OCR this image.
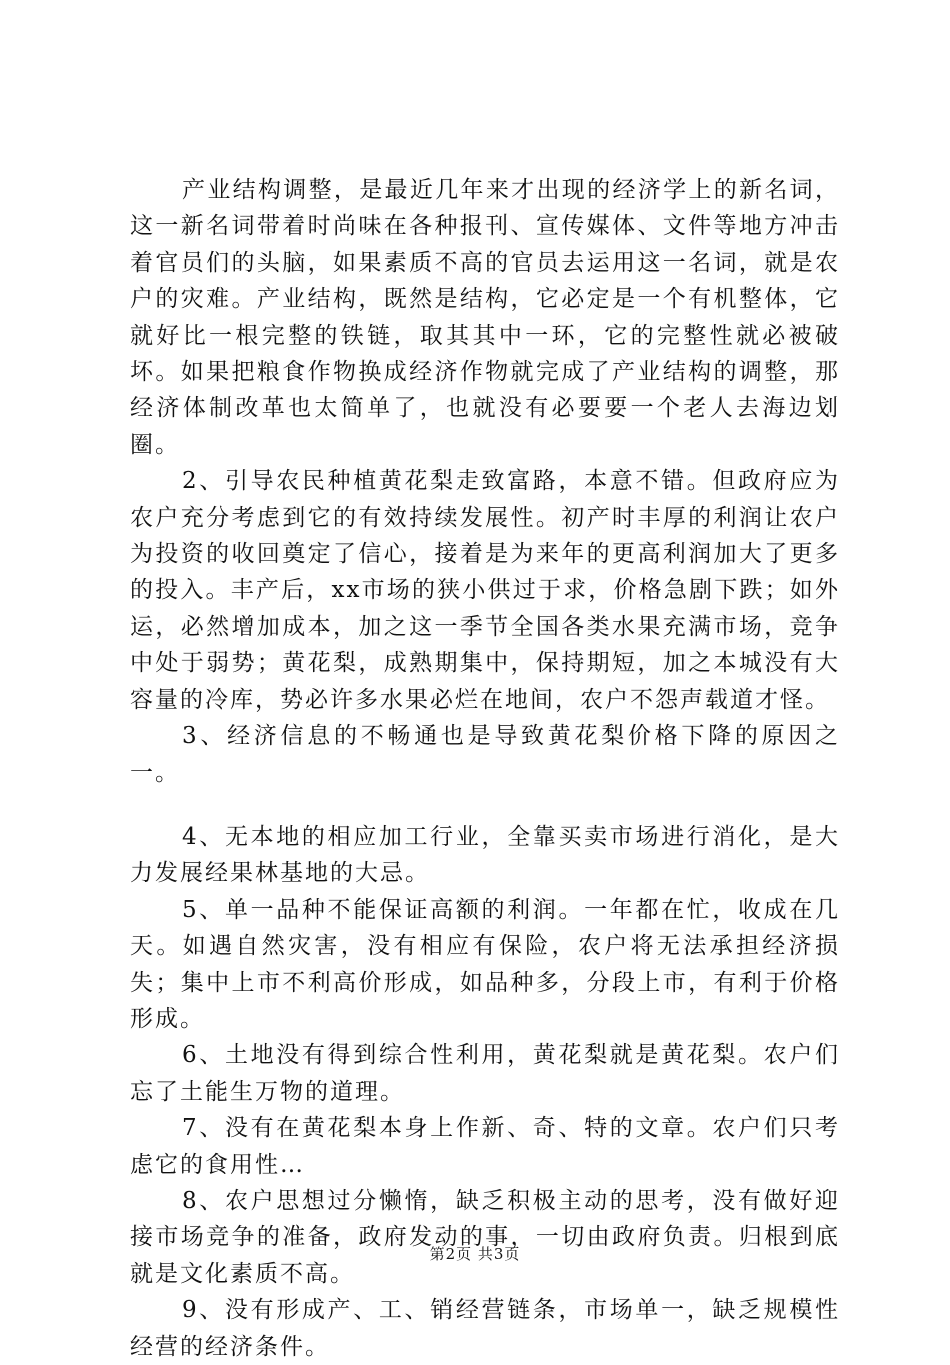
产业结构调整，是最近几年来才出现的经济学上的新名词，这一新名词带着时尚味在各种报刊、宣传媒体、文件等地方冲击着官员们的头脑，如果素质不高的官员去运用这一名词，就是农户的灾难。产业结构，既然是结构，它必定是一个有机整体，它就好比一根完整的铁链，取其其中一环，它的完整性就必被破坏。如果把粮食作物换成经济作物就完成了产业结构的调整，那经济体制改革也太简单了，也就没有必要要一个老人去海边划圈。

2、引导农民种植黄花梨走致富路，本意不错。但政府应为农户充分考虑到它的有效持续发展性。初产时丰厚的利润让农户为投资的收回奠定了信心，接着是为来年的更高利润加大了更多的投入。丰产后，xx市场的狭小供过于求，价格急剧下跌；如外运，必然增加成本，加之这一季节全国各类水果充满市场，竞争中处于弱势；黄花梨，成熟期集中，保持期短，加之本城没有大容量的冷库，势必许多水果必烂在地间，农户不怨声载道才怪。

3、经济信息的不畅通也是导致黄花梨价格下降的原因之一。

4、无本地的相应加工行业，全靠买卖市场进行消化，是大力发展经果林基地的大忌。

5、单一品种不能保证高额的利润。一年都在忙，收成在几天。如遇自然灾害，没有相应有保险，农户将无法承担经济损失；集中上市不利高价形成，如品种多，分段上市，有利于价格形成。

6、土地没有得到综合性利用，黄花梨就是黄花梨。农户们忘了土能生万物的道理。

7、没有在黄花梨本身上作新、奇、特的文章。农户们只考虑它的食用性…

8、农户思想过分懒惰，缺乏积极主动的思考，没有做好迎接市场竞争的准备，政府发动的事，一切由政府负责。归根到底就是文化素质不高。

9、没有形成产、工、销经营链条，市场单一，缺乏规模性经营的经济条件。

第2页 共3页
